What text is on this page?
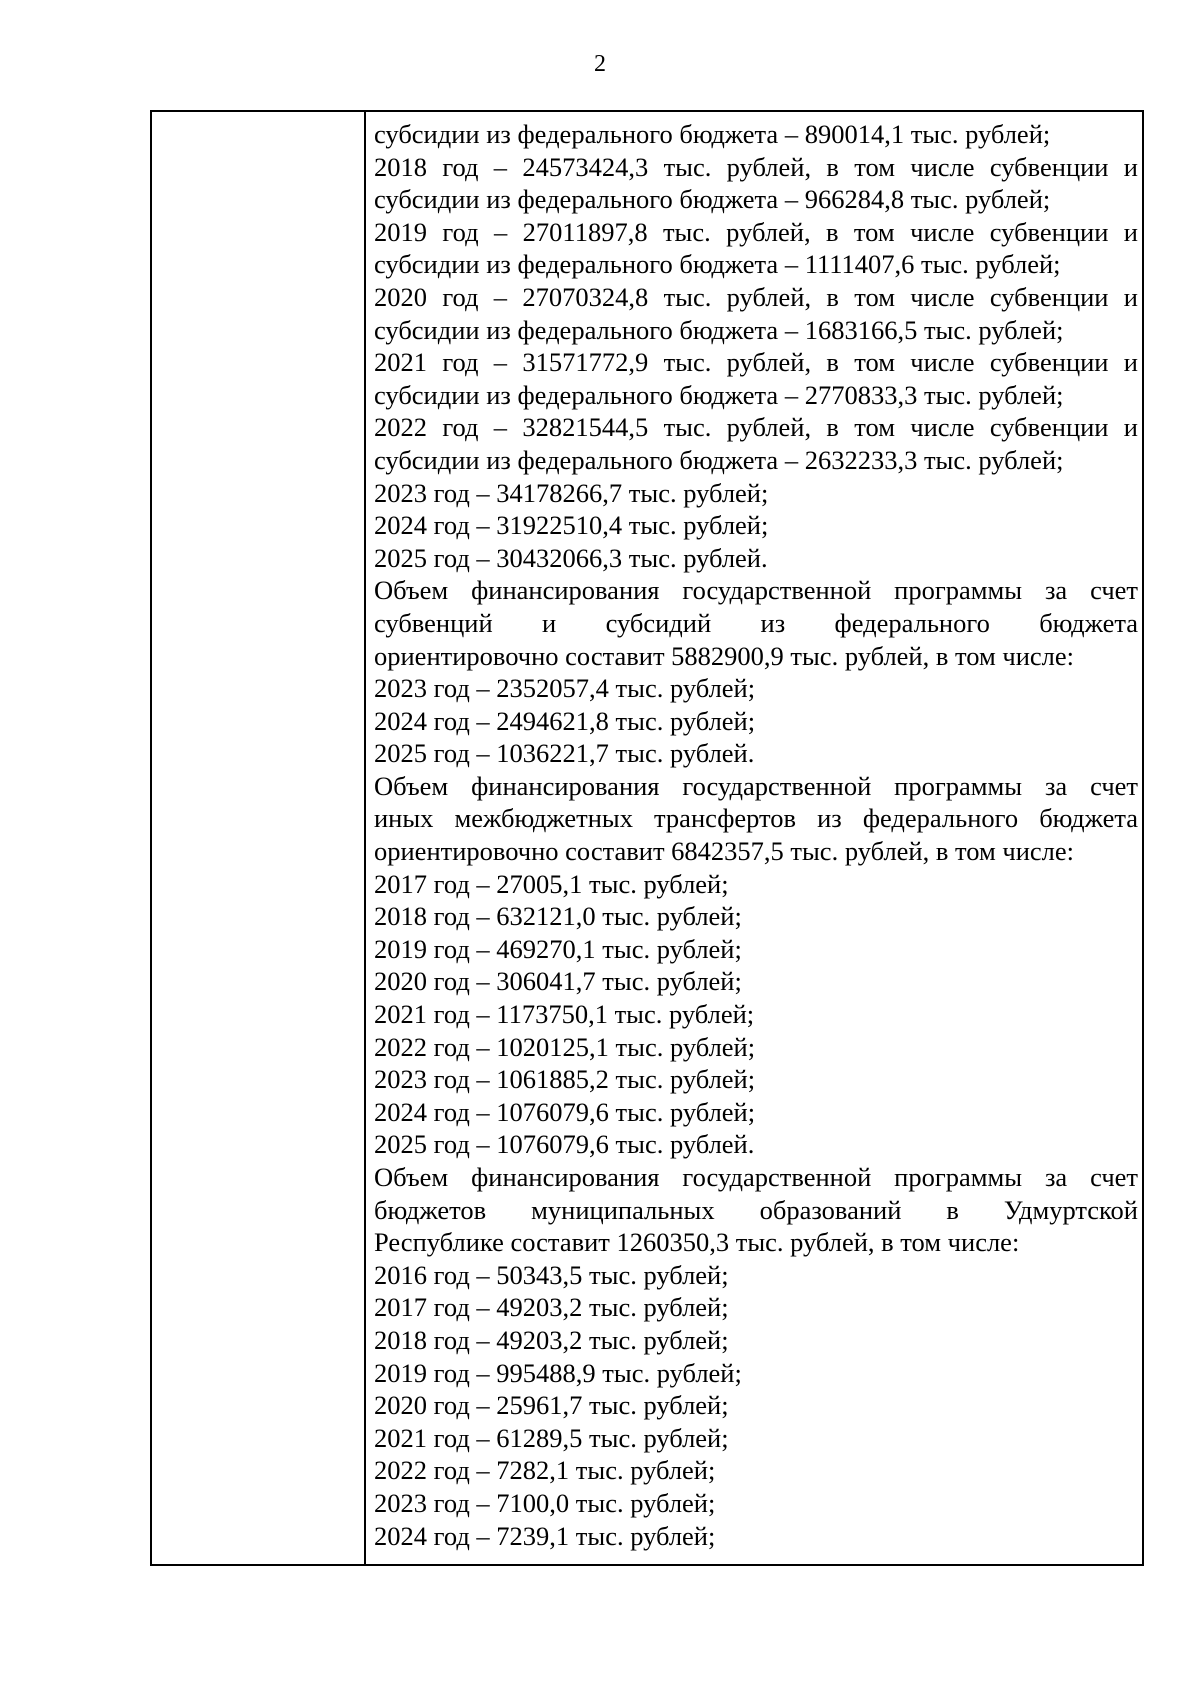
2
субсидии из федерального бюджета – 890014,1 тыс. рублей;
2018 год – 24573424,3 тыс. рублей, в том числе субвенции и
субсидии из федерального бюджета – 966284,8 тыс. рублей;
2019 год – 27011897,8 тыс. рублей, в том числе субвенции и
субсидии из федерального бюджета – 1111407,6 тыс. рублей;
2020 год – 27070324,8 тыс. рублей, в том числе субвенции и
субсидии из федерального бюджета – 1683166,5 тыс. рублей;
2021 год – 31571772,9 тыс. рублей, в том числе субвенции и
субсидии из федерального бюджета – 2770833,3 тыс. рублей;
2022 год – 32821544,5 тыс. рублей, в том числе субвенции и
субсидии из федерального бюджета – 2632233,3 тыс. рублей;
2023 год – 34178266,7 тыс. рублей;
2024 год – 31922510,4 тыс. рублей;
2025 год – 30432066,3 тыс. рублей.
Объем финансирования государственной программы за счет
субвенций и субсидий из федерального бюджета
ориентировочно составит 5882900,9 тыс. рублей, в том числе:
2023 год – 2352057,4 тыс. рублей;
2024 год – 2494621,8 тыс. рублей;
2025 год – 1036221,7 тыс. рублей.
Объем финансирования государственной программы за счет
иных межбюджетных трансфертов из федерального бюджета
ориентировочно составит 6842357,5 тыс. рублей, в том числе:
2017 год – 27005,1 тыс. рублей;
2018 год – 632121,0 тыс. рублей;
2019 год – 469270,1 тыс. рублей;
2020 год – 306041,7 тыс. рублей;
2021 год – 1173750,1 тыс. рублей;
2022 год – 1020125,1 тыс. рублей;
2023 год – 1061885,2 тыс. рублей;
2024 год – 1076079,6 тыс. рублей;
2025 год – 1076079,6 тыс. рублей.
Объем финансирования государственной программы за счет
бюджетов муниципальных образований в Удмуртской
Республике составит 1260350,3 тыс. рублей, в том числе:
2016 год – 50343,5 тыс. рублей;
2017 год – 49203,2 тыс. рублей;
2018 год – 49203,2 тыс. рублей;
2019 год – 995488,9 тыс. рублей;
2020 год – 25961,7 тыс. рублей;
2021 год – 61289,5 тыс. рублей;
2022 год – 7282,1 тыс. рублей;
2023 год – 7100,0 тыс. рублей;
2024 год – 7239,1 тыс. рублей;
